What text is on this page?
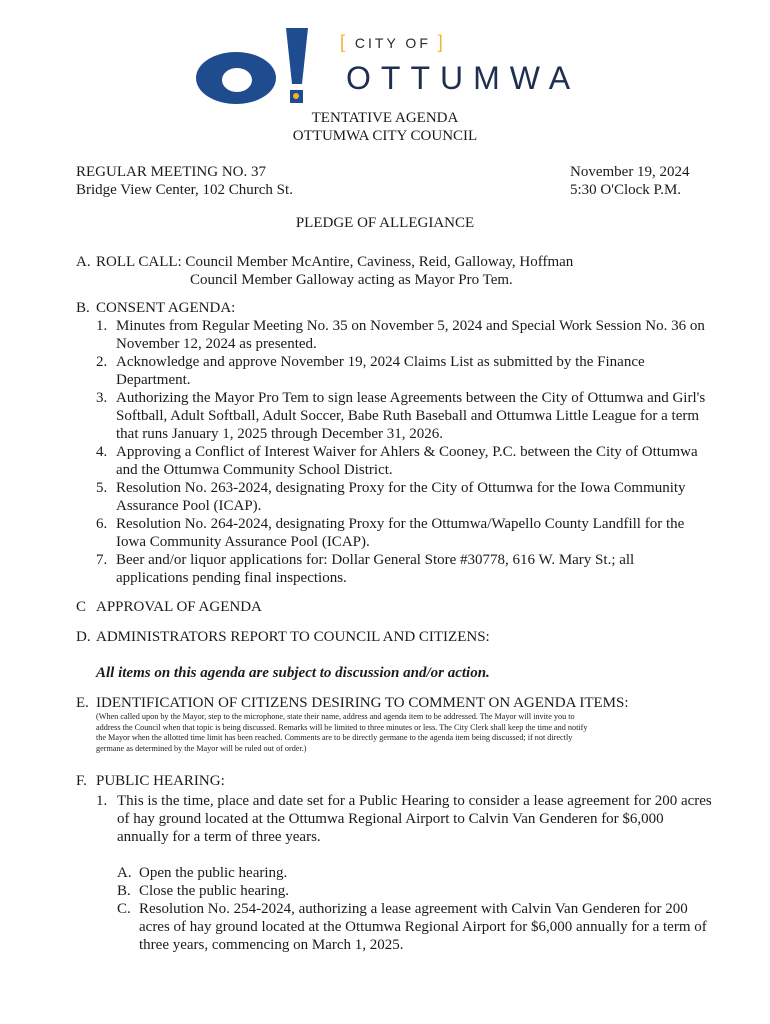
[ CITY OF ]
OTTUMWA
TENTATIVE AGENDA
OTTUMWA CITY COUNCIL
REGULAR MEETING NO. 37
Bridge View Center, 102 Church St.
November 19, 2024
5:30 O'Clock P.M.
PLEDGE OF ALLEGIANCE
A. ROLL CALL: Council Member McAntire, Caviness, Reid, Galloway, Hoffman
Council Member Galloway acting as Mayor Pro Tem.
B. CONSENT AGENDA:
1. Minutes from Regular Meeting No. 35 on November 5, 2024 and Special Work Session No. 36 on
November 12, 2024 as presented.
2. Acknowledge and approve November 19, 2024 Claims List as submitted by the Finance
Department.
3. Authorizing the Mayor Pro Tem to sign lease Agreements between the City of Ottumwa and Girl's
Softball, Adult Softball, Adult Soccer, Babe Ruth Baseball and Ottumwa Little League for a term
that runs January 1, 2025 through December 31, 2026.
4. Approving a Conflict of Interest Waiver for Ahlers & Cooney, P.C. between the City of Ottumwa
and the Ottumwa Community School District.
5. Resolution No. 263-2024, designating Proxy for the City of Ottumwa for the Iowa Community
Assurance Pool (ICAP).
6. Resolution No. 264-2024, designating Proxy for the Ottumwa/Wapello County Landfill for the
Iowa Community Assurance Pool (ICAP).
7. Beer and/or liquor applications for: Dollar General Store #30778, 616 W. Mary St.; all
applications pending final inspections.
C APPROVAL OF AGENDA
D. ADMINISTRATORS REPORT TO COUNCIL AND CITIZENS:
All items on this agenda are subject to discussion and/or action.
E. IDENTIFICATION OF CITIZENS DESIRING TO COMMENT ON AGENDA ITEMS:
(When called upon by the Mayor, step to the microphone, state their name, address and agenda item to be addressed. The Mayor will invite you to
address the Council when that topic is being discussed. Remarks will be limited to three minutes or less. The City Clerk shall keep the time and notify
the Mayor when the allotted time limit has been reached. Comments are to be directly germane to the agenda item being discussed; if not directly
germane as determined by the Mayor will be ruled out of order.)
F. PUBLIC HEARING:
1. This is the time, place and date set for a Public Hearing to consider a lease agreement for 200 acres
of hay ground located at the Ottumwa Regional Airport to Calvin Van Genderen for $6,000
annually for a term of three years.
A. Open the public hearing.
B. Close the public hearing.
C. Resolution No. 254-2024, authorizing a lease agreement with Calvin Van Genderen for 200
acres of hay ground located at the Ottumwa Regional Airport for $6,000 annually for a term of
three years, commencing on March 1, 2025.
